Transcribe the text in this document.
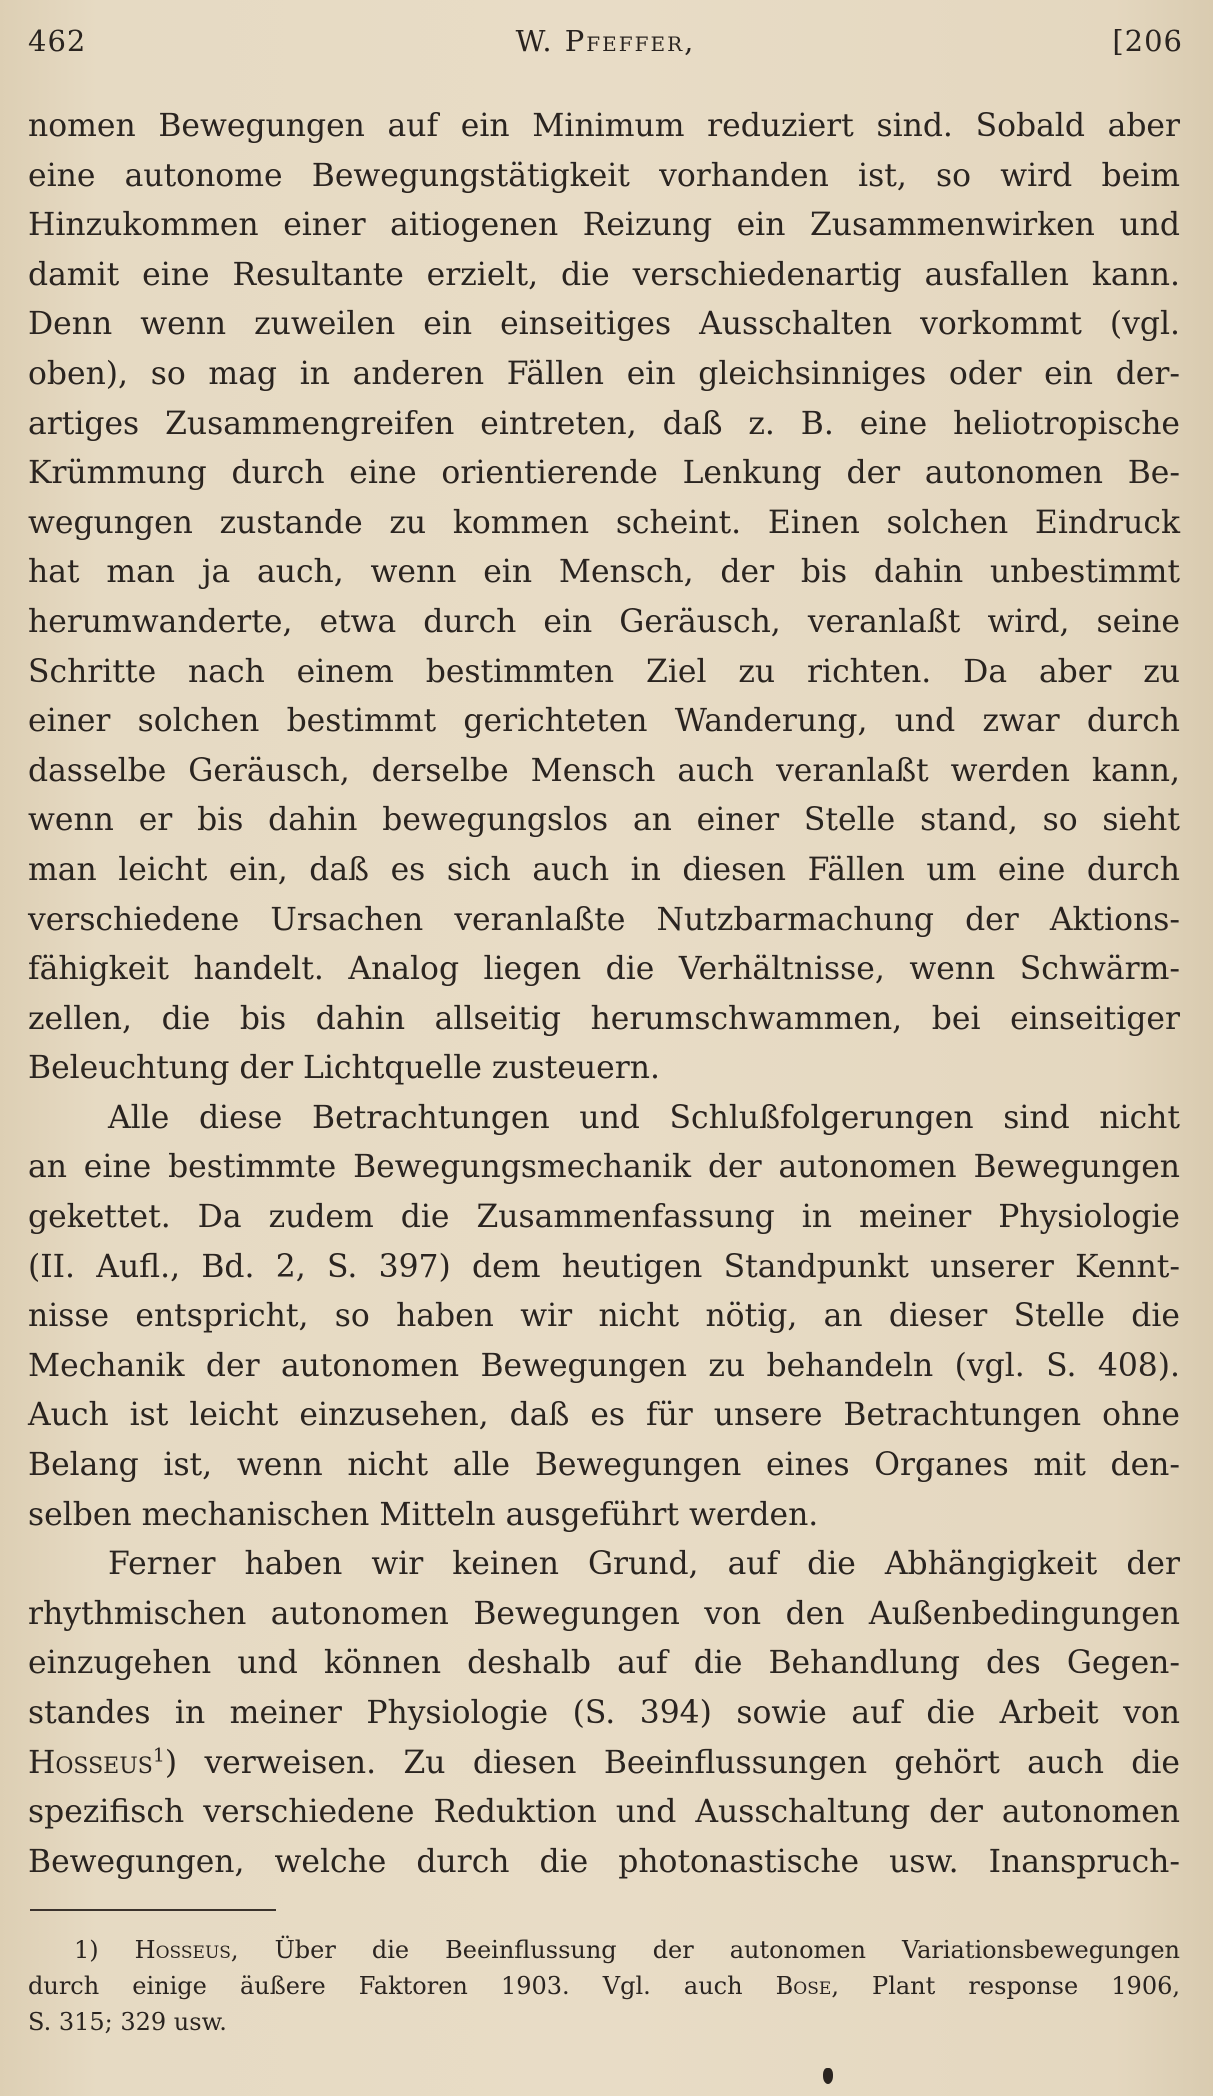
462	W. Pfeffer,	[206

nomen Bewegungen auf ein Minimum reduziert sind. Sobald aber

eine autonome Bewegungstätigkeit vorhanden ist, so wird beim

Hinzukommen einer aitiogenen Reizung ein Zusammenwirken und

damit eine Resultante erzielt, die verschiedenartig ausfallen kann.

Denn wenn zuweilen ein einseitiges Ausschalten vorkommt (vgl.

oben), so mag in anderen Fällen ein gleichsinniges oder ein der-

artiges Zusammengreifen eintreten, daß z. B. eine heliotropische

Krümmung durch eine orientierende Lenkung der autonomen Be-

wegungen zustande zu kommen scheint. Einen solchen Eindruck

hat man ja auch, wenn ein Mensch, der bis dahin unbestimmt

herumwanderte, etwa durch ein Geräusch, veranlaßt wird, seine

Schritte nach einem bestimmten Ziel zu richten. Da aber zu

einer solchen bestimmt gerichteten Wanderung, und zwar durch

dasselbe Geräusch, derselbe Mensch auch veranlaßt werden kann,

wenn er bis dahin bewegungslos an einer Stelle stand, so sieht

man leicht ein, daß es sich auch in diesen Fällen um eine durch

verschiedene Ursachen veranlaßte Nutzbarmachung der Aktions-

fähigkeit handelt. Analog liegen die Verhältnisse, wenn Schwärm-

zellen, die bis dahin allseitig herumschwammen, bei einseitiger

Beleuchtung der Lichtquelle zusteuern.

Alle diese Betrachtungen und Schlußfolgerungen sind nicht

an eine bestimmte Bewegungsmechanik der autonomen Bewegungen

gekettet. Da zudem die Zusammenfassung in meiner Physiologie

(II. Aufl., Bd. 2, S. 397) dem heutigen Standpunkt unserer Kennt-

nisse entspricht, so haben wir nicht nötig, an dieser Stelle die

Mechanik der autonomen Bewegungen zu behandeln (vgl. S. 408).

Auch ist leicht einzusehen, daß es für unsere Betrachtungen ohne

Belang ist, wenn nicht alle Bewegungen eines Organes mit den-

selben mechanischen Mitteln ausgeführt werden.

Ferner haben wir keinen Grund, auf die Abhängigkeit der

rhythmischen autonomen Bewegungen von den Außenbedingungen

einzugehen und können deshalb auf die Behandlung des Gegen-

standes in meiner Physiologie (S. 394) sowie auf die Arbeit von

Hosseus$^1$) verweisen. Zu diesen Beeinflussungen gehört auch die

spezifisch verschiedene Reduktion und Ausschaltung der autonomen

Bewegungen, welche durch die photonastische usw. Inanspruch-

1) Hosseus, Über die Beeinflussung der autonomen Variationsbewegungen

durch einige äußere Faktoren 1903. Vgl. auch Bose, Plant response 1906,

S. 315; 329 usw.
